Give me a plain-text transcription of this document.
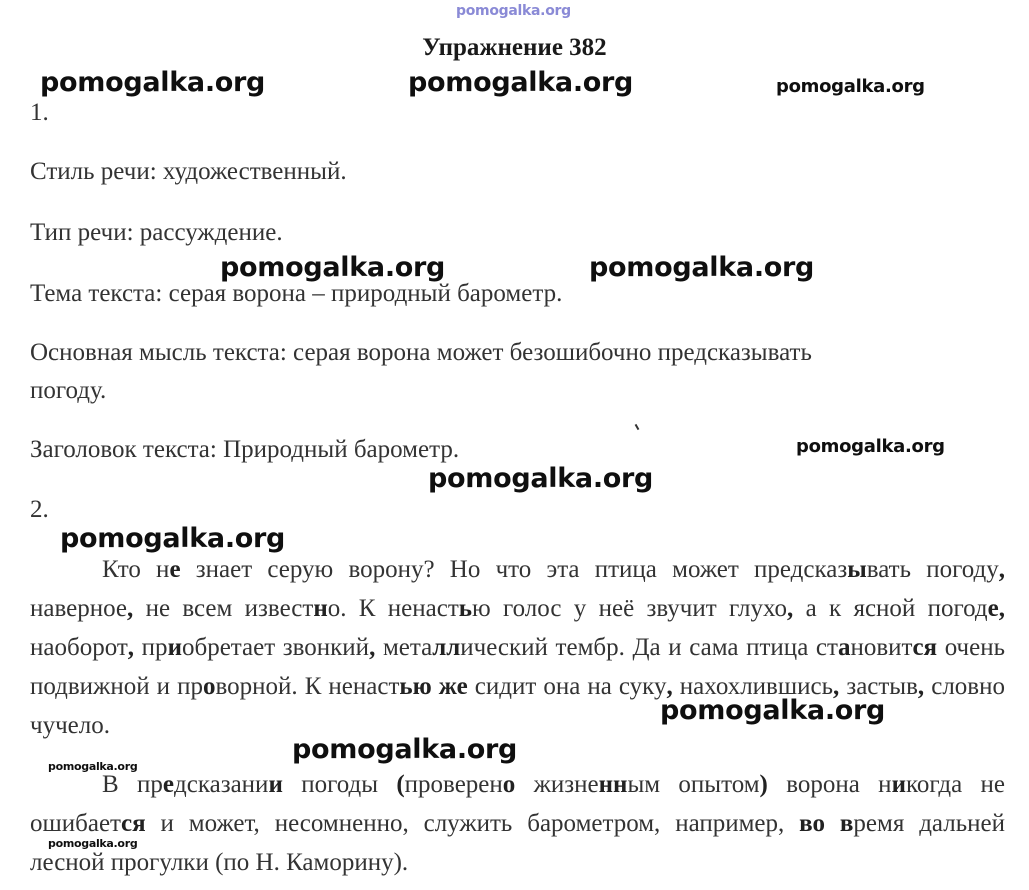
pomogalka.org
Упражнение 382
pomogalka.org	pomogalka.org	pomogalka.org
1.
Стиль речи: художественный.
Тип речи: рассуждение.
pomogalka.org	pomogalka.org
Тема текста: серая ворона – природный барометр.
Основная мысль текста: серая ворона может безошибочно предсказывать
погоду.
Заголовок текста: Природный барометр.	pomogalka.org
pomogalka.org
2.
pomogalka.org

Кто не знает серую ворону? Но что эта птица может предсказывать погоду, наверное, не всем известно. К ненастью голос у неё звучит глухо, а к ясной погоде, наоборот, приобретает звонкий, металлический тембр. Да и сама птица становится очень подвижной и проворной. К ненастью же сидит она на суку, нахохлившись, застыв, словно чучело.	pomogalka.org
pomogalka.org
pomogalka.org

В предсказании погоды (проверено жизненным опытом) ворона никогда не ошибается и может, несомненно, служить барометром, например, во время дальней лесной прогулки (по Н. Каморину).

pomogalka.org
